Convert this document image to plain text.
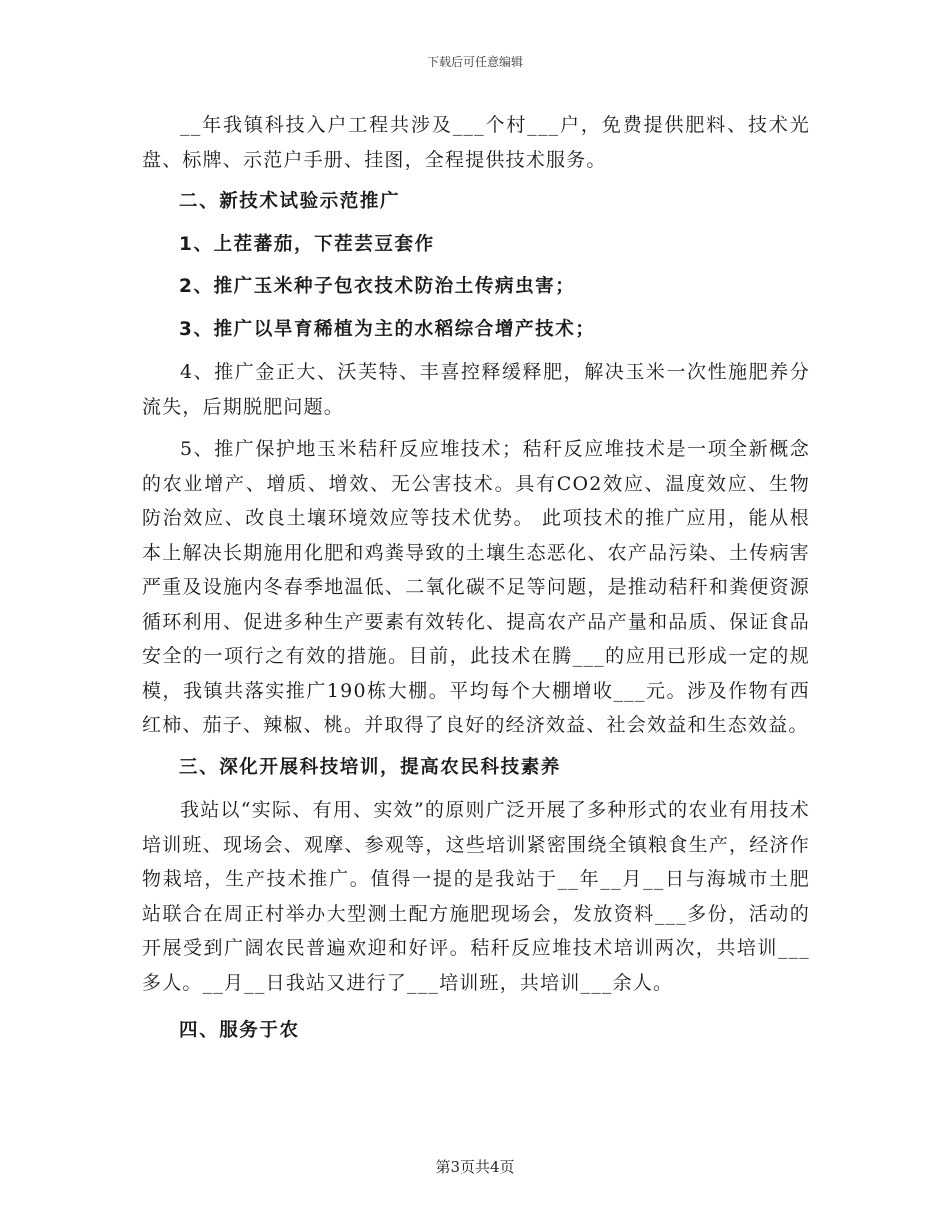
下载后可任意编辑

__年我镇科技入户工程共涉及___个村___户，免费提供肥料、技术光盘、标牌、示范户手册、挂图，全程提供技术服务。

二、新技术试验示范推广

1、上茬蕃茄，下茬芸豆套作

2、推广玉米种子包衣技术防治土传病虫害；

3、推广以旱育稀植为主的水稻综合增产技术；

4、推广金正大、沃芙特、丰喜控释缓释肥，解决玉米一次性施肥养分流失，后期脱肥问题。

5、推广保护地玉米秸秆反应堆技术；秸秆反应堆技术是一项全新概念的农业增产、增质、增效、无公害技术。具有CO2效应、温度效应、生物防治效应、改良土壤环境效应等技术优势。 此项技术的推广应用，能从根本上解决长期施用化肥和鸡粪导致的土壤生态恶化、农产品污染、土传病害严重及设施内冬春季地温低、二氧化碳不足等问题，是推动秸秆和粪便资源循环利用、促进多种生产要素有效转化、提高农产品产量和品质、保证食品安全的一项行之有效的措施。目前，此技术在腾___的应用已形成一定的规模，我镇共落实推广190栋大棚。平均每个大棚增收___元。涉及作物有西红柿、茄子、辣椒、桃。并取得了良好的经济效益、社会效益和生态效益。

三、深化开展科技培训，提高农民科技素养

我站以“实际、有用、实效”的原则广泛开展了多种形式的农业有用技术培训班、现场会、观摩、参观等，这些培训紧密围绕全镇粮食生产，经济作物栽培，生产技术推广。值得一提的是我站于__年__月__日与海城市土肥站联合在周正村举办大型测土配方施肥现场会，发放资料___多份，活动的开展受到广阔农民普遍欢迎和好评。秸秆反应堆技术培训两次，共培训___多人。__月__日我站又进行了___培训班，共培训___余人。

四、服务于农

第3页共4页
